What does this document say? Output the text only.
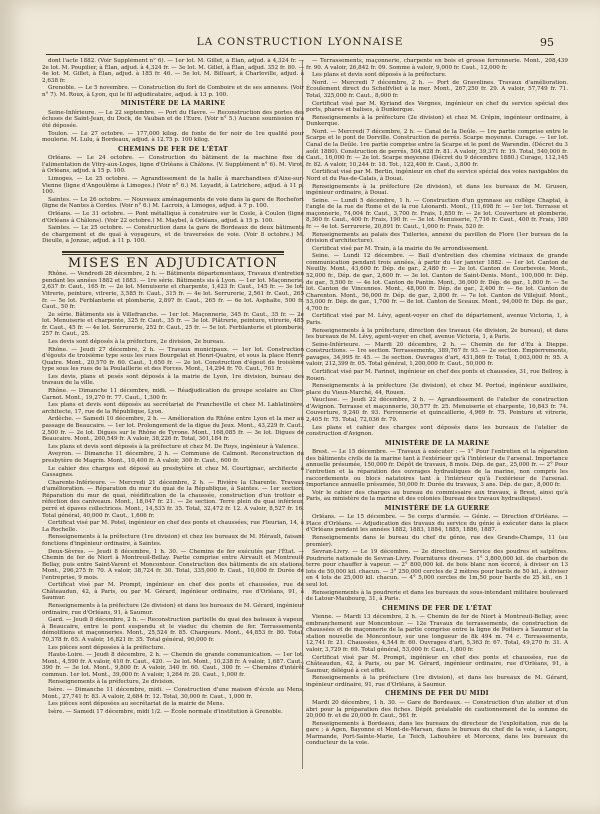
LA CONSTRUCTION LYONNAISE	95

dont l'acte 1882. (Voir Supplément n° 6). — 1er lot. M. Gillet, à Élan, adjud. à 4,324 fr. — 2e lot. M. Poupilier, à Élan, adjud. à 4,324 fr. — 3e lot. M. Gillet, à Élan, adjud. 352 fr. 80. — 4e lot. M. Gillet, à Élan, adjud. à 185 fr. 46. — 5e lot. M. Billuart, à Charleville, adjud. à 2,638 fr.

Grenoble. — Le 5 novembre. — Construction du fort de Comboire et de ses annexes. (Voir n° 7). M. Roux, à Lyon, qui le fil adjudicataire, adjud. à 13 p. 100.

MINISTÈRE DE LA MARINE

Seine-Inférieure. — Le 22 septembre. — Port du Havre. — Reconstruction des portes des écluses de Saint-Jean, du Dock, de Vauban et de l'Eure. (Voir n° 5.) Aucune soumission n'a été déposée.

Toulon. — Le 27 octobre. — 177,000 kilog. de fonte de fer noir de 1re qualité pour moulerie. M. Lulu, à Bordeaux, adjud. à 12.75 p. 100 kilog.

CHEMINS DE FER DE L'ÉTAT

Orléans. — Le 24 octobre. — Construction du bâtiment de la machine fixe de l'alimentation de Vitry-aux-Loges, ligne d'Orléans à Châlons. (V. Supplément n° 6). M. Virot, à Orléans, adjud. à 15 p. 100.

Limoges. — Le 25 octobre. — Agrandissement de la halle à marchandises d'Aixe-sur-Vienne (ligne d'Angoulême à Limoges.) (Voir n° 6.) M. Leyadit, à Latrichere, adjud. à 11 p. 100.

Saintes. — Le 26 octobre. — Nouveaux aménagements de voie dans la gare de Rochefort (ligne de Nantes à Cordes. (Voir n° 6.) M. Lacroix, à Limoges, adjud. à 7 p. 100.

Orléans. — Le 31 octobre. — Pont métallique à construire sur le Cosle, à Coulon (ligne d'Orléans à Châlons). (Voir 22 octobre.) M. Maybel, à Orléans, adjud. à 15 p. 100.

Saintes. — Le 25 octobre. — Construction dans la gare de Bordeaux de deux bâtiments de chargement et de quai à voyageurs, et de traversées de voie. (Voir 8 octobre.) M. Dieulle, à Jonzac, adjud. à 11 p. 100.

MISES EN ADJUDICATION

Rhône. — Vendredi 28 décembre, 2 h. — Bâtiments départementaux, Travaux d'entretien pendant les années 1882 et 1883. — 1re série. Bâtiments sis à Lyon. — 1er lot. Maçonnerie, 2,637 fr. Caut., 165 fr. — 2e lot. Menuiserie et charpente, 1,423 fr. Caut., 145 fr. — 3e lot. Vitrerie, peinture, vitrerie, 3,585 fr. Caut., 315 fr. — 4e lot. Serrurerie, 2,561 fr. Caut., 265 fr. — 5e lot. Ferblanterie et plomberie, 2,897 fr. Caut., 265 fr. — 6e lot. Asphalte, 500 fr. Caut., 50 fr.

2e série. Bâtiments sis à Villefranche. — 1er lot. Maçonnerie, 345 fr. Caut., 35 fr. — 2e lot. Menuiserie et charpente, 325 fr. Caut., 35 fr. — 3e lot. Plâtrerie, peinture, vitrerie, 485 fr. Caut., 45 fr. — 4e lot. Serrurerie, 252 fr. Caut., 25 fr. — 5e lot. Ferblanterie et plomberie, 257 fr. Caut., 25.

Les devis sont déposés à la préfecture, 2e division, 2e bureau.

Rhône. — Jeudi 27 décembre, 2 h. — Travaux municipaux. — 1er lot. Construction d'égouts de troisième type sous les rues Bourgelat et Henri-Quatre, et sous la place Henri-Quatre. Mont., 20,570 fr. 60. Caut., 1,650 fr. — 2e lot. Construction d'égout de troisième type sous les rues de la Poulaillerie et des Forces. Mont., 14,294 fr. 70. Caut., 761 fr.

Les devis, plans et pesés sont déposés à la mairie de Lyon, 1re division, bureau des travaux de la ville.

Rhône. — Dimanche 11 décembre, midi. — Réadjudication du groupe scolaire au Clos-Carnot. Mont., 19,270 fr. 77. Caut., 1,300 fr.

Les plans et devis sont déposés au secrétariat de Francheville et chez M. Lablatinière, architecte, 17, rue de la République, Lyon.

Ardèche. — Samedi 10 décembre, 2 h. — Amélioration du Rhône entre Lyon et la mer au passage de Beaucaire. — 1er lot. Prolongement de la digue du Jeux. Mont., 43,229 fr. Caut., 2,500 fr. — 2e lot. Digues sur le Rhône de Tyrone. Mont., 168,085 fr. — 3e lot. Digues de Beaucaire. Mont., 260,549 fr. A valoir, 38,226 fr. Total, 301,184 fr.

Les plans et devis sont déposés à la préfecture et chez M. De Roys, ingénieur à Valence.

Aveyron. — Dimanche 11 décembre, 2 h. — Commune de Calmont. Reconstruction du presbytère de Magrin. Mont., 10,400 fr. A valoir, 300 fr. Caut., 600 fr.

Le cahier des charges est déposé au presbytère et chez M. Courtignac, architecte à Cassagnes.

Charente-Inférieure. — Mercredi 21 décembre, 2 h. — Rivière la Charente. Travaux d'amélioration. — Réparation du mur du quai de la République, à Saintes. — 1er section. Réparation du mur de quai, réédification de la chaussée, construction d'un trottoir et réfection des caniveaux. Mont., 18,047 fr. 21. — 2e section. Terre plein du quai inférieur, perré et épaves collectrices. Mont., 14,533 fr. 35. Total, 32,472 fr. 12. A valoir, 8,527 fr. 16. Total général, 40,000 fr. Caut., 1,606 fr.

Certificat visé par M. Potel, ingénieur en chef des ponts et chaussées, rue Fleurian, 14, à La Rochelle.

Renseignements à la préfecture (1re division) et chez les bureaux de M. Hérault, faisant fonctions d'ingénieur ordinaire, à Saintes.

Deux-Sèvres. — Jeudi 8 décembre, 1 h. 30. — Chemins de fer exécutés par l'État. — Chemin de fer de Niort à Montreuil-Bellay. Partie comprise entre Airvault et Montreuil-Bellay, puis entre Saint-Varent et Moncontour. Construction des bâtiments de six stations. Mont., 296,275 fr. 70. A valoir, 38,724 fr. 30. Total, 335,000 fr. Caut., 10,000 fr. Durée de l'entreprise, 9 mois.

Certificat visé par M. Prompt, ingénieur en chef des ponts et chaussées, rue de Châteaudun, 42, à Paris, ou par M. Gérard, ingénieur ordinaire, rue d'Orléans, 91, à Saumur.

Renseignements à la préfecture (2e division) et dans les bureaux de M. Gérard, ingénieur ordinaire, rue d'Orléans, 91, à Saumur.

Gard. — Jeudi 8 décembre, 2 h. — Reconstruction partielle du quai des bateaux à vapeur, à Beaucaire, entre le pont suspendu et le viaduc du chemin de fer. Terrassements, démolitions et maçonneries. Mont., 25,524 fr. 85. Chargeurs. Mont., 44,853 fr. 80. Total, 70,378 fr. 65. A valoir, 16,821 fr. 35. Total général, 90,000 fr.

Les pièces sont déposées à la préfecture.

Haute-Loire. — Jeudi 8 décembre, 2 h. — Chemin de grande communication. — 1er lot. Mont., 4,590 fr. A valoir, 410 fr. Caut., 420. — 2e lot. Mont., 10,238 fr. A valoir, 1,687. Caut., 390 fr. — 3e lot. Mont., 9,800 fr. A valoir, 340 fr. 60. Caut., 300 fr. — Chemins d'intérêt commun. 1er lot. Mont., 39,000 fr. A valoir, 1,264 fr. 20. Caut., 1,000 fr.

Renseignements à la préfecture, 2e division.

Isère. — Dimanche 11 décembre, midi. — Construction d'une maison d'école au Mens. Mont., 27,741 fr. 83. A valoir, 2,684 fr. 12. Total, 30,000 fr. Caut., 1,000 fr.

Les pièces sont déposées au secrétariat de la mairie de Mens.

Isère. — Samedi 17 décembre, midi 1/2. — École normale d'institution à Grenoble.

— Terrassements, maçonnerie, charpente en bois et grosse ferronnerie. Mont., 208,439 fr. 90. A valoir, 26,842 fr. 09. Somme à valoir, 9,000 fr. Caut., 12,000 fr.

Les plans et devis sont déposés à la préfecture.

Nord. — Mercredi 7 décembre, 2 h. — Port de Gravelines. Travaux d'amélioration. Écoulement direct du Schelfvliet à la mer. Mont., 267,250 fr. 29. A valoir, 57,749 fr. 71. Total, 325,000 fr. Caut., 8,000 fr.

Certificat visé par M. Kyriand des Vergnes, ingénieur en chef du service spécial des ports, phares et balises, à Dunkerque.

Renseignements à la préfecture (2e division) et chez M. Crépin, ingénieur ordinaire, à Dunkerque.

Nord. — Mercredi 7 décembre, 2 h. — Canal de la Deûle. — 1re partie comprise entre le Scarpe et le pont de Dorville. Construction de perrés. Scarpe moyenne. Curage. — 1er lot. Canal de la Deûle. 1re partie comprise entre la Scarpe et le pont de Warendin. (Décret du 3 août 1880). Construction de perrés, 504,628 fr. 81. A valoir, 39,371 fr. 19. Total, 540,000 fr. Caut., 16,000 fr. — 2e lot. Scarpe moyenne (Décret du 9 décembre 1880.) Curage, 112,145 fr. 82. A valoir, 10,244 fr. 18. Tot., 122,400 fr. Caut., 3,800 fr.

Certificat visé par M. Bertin, ingénieur en chef du service spécial des voies navigables du Nord et du Pas-de-Calais, à Douai.

Renseignements à la préfecture (2e division), et dans les bureaux de M. Grusen, ingénieur ordinaire, à Douai.

Seine. — Lundi 5 décembre, 1 h. — Construction d'un gymnase au collège Chaptal, à l'angle de la rue de Rome et de la rue Léonardi. Mont., (11,698 fr. — 1er lot. Terrasse et maçonnerie, 74,004 fr. Caut., 3,700 fr. Frais, 1,850 fr. — 2e lot. Couverture et plomberie, 8,360 fr. Caut., 400 fr. Frais, 190 fr. — 3e lot. Menuiserie, 7,716 fr. Caut., 400 fr. Frais, 180 fr. — 4e lot. Serrurerie, 20,891 fr. Caut., 1,000 fr. Frais, 520 fr.

Renseignements au palais des Tuileries, annexe du pavillon de Flore (1er bureau de la division d'architecture).

Certificat visé par M. Train, à la mairie du 9e arrondissement.

Seine. — Lundi 12 décembre. — Bail d'entretien des chemins vicinaux de grande communication pendant trois années, à partir du 1er janvier 1882. — 1er lot. Canton de Neuilly. Mont., 43,600 fr. Dép. de gar., 2,480 fr. — 2e lot. Canton de Courbevoie. Mont., 52,000 fr., Dép. de gar., 2,600 fr. — 3e lot. Canton de Saint-Denis. Mont., 100,000 fr. Dép. de gar., 5,500 fr. — 4e lot. Canton de Pantin. Mont., 36,000 fr. Dép. de gar., 1,800 fr. — 5e lot. Canton de Vincennes. Mont., 48,000 fr. Dép. de gar., 2,400 fr. — 6e lot. Canton de Charenton. Mont., 56,000 fr. Dép. de gar., 2,800 fr. — 7e lot. Canton de Villejuif. Mont., 53,000 fr. Dép. de gar., 1,700 fr. — 8e lot. Canton de Sceaux. Mont., 94,000 fr. Dép. de gar., 4,700 fr.

Certificat visé par M. Lévy, agent-voyer en chef du département, avenue Victoria, 1, à Paris.

Renseignements à la préfecture, direction des travaux (4e division, 2e bureau), et dans les bureaux de M. Lévy, agent-voyer en chef, avenue Victoria, 1, à Paris.

Seine-Inférieure. — Mardi 20 décembre, 2 h. — Chemin de fer d'Eu à Dieppe. Constructions. — 1re section. Terrassements, 389,767 fr. 93. — 2e section. Empierrements, pavages, 34,995 fr. 45. — 3e section. Ouvrages d'art, 431,869 fr. Total, 1,003,000 fr. 95. A valoir, 212,399 fr. 05. Total général, 1,200,000 fr. Caut., 50,000 fr.

Certificat visé par M. Farinet, ingénieur en chef des ponts et chaussées, 31, rue Bellroy, à Rouen.

Renseignements à la préfecture (3e division), et chez M. Portué, ingénieur auxiliaire, place du Vieux-Marché, 44, Rouen.

Vaucluse. — Jeudi 22 décembre, 2 h. — Agrandissement de l'atelier de construction d'Avignon. Terrasse et maçonnerie, 30,577 fr. 25. Menuiserie et charpente, 16,843 fr. 74. Couverture, 9,240 fr. 93. Ferronnerie et quincaillerie, 4,969 fr. 75. Peinture et vitrerie, 2,405 fr. 75. Total, 72,036 fr. 79.

Les plans et cahier des charges sont déposés dans les bureaux de l'atelier de construction d'Avignon.

MINISTÈRE DE LA MARINE

Brest. — Le 15 décembre. — Travaux à exécuter : — 1° Pour l'entretien et la réparation des bâtiments civils de la marine tant à l'extérieur qu'à l'intérieur de l'arsenal. Importance annuelle présumée, 150,000 fr. Dépôt de travaux, 8 mois. Dép. de gar., 25,000 fr. — 2° Pour l'entretien et la réparation des ouvrages hydrauliques de la marine, non compris les raccordements ou blocs natatoires tant à l'intérieur qu'à l'extérieur de l'arsenal. Importance annuelle présumée, 50,000 fr. Durée du travaux, 3 ans. Dép. de gar., 8,000 fr.

Voir le cahier des charges au bureau du commissaire aux travaux, à Brest, ainsi qu'à Paris, au ministère de la marine et des colonies (bureau des travaux hydrauliques).

MINISTÈRE DE LA GUERRE

Orléans. — Le 15 décembre. — 5e corps d'armée. — Génie. — Direction d'Orléans. — Place d'Orléans. — Adjudication des travaux du service du génie à exécuter dans la place d'Orléans pendant les années 1882, 1883, 1884, 1885, 1886, 1887.

Renseignements dans le bureau du chef du génie, rue des Grands-Champs, 11 (au premier).

Sevran-Livry. — Le 19 décembre. — 2e direction. — Service des poudres et salpêtres. Poudrerie nationale de Sevran-Livry. Fournitures diverses. 1° 3,800,000 kil. de charbon de terre pour chauffer à vapeur. — 2° 800,000 kil. de bois blanc non écorcé, à diviser en 13 lots de 50,000 kil. chacun. — 3° 250,000 cercles de 2 mètres pour barils de 50 kil., à diviser en 4 lots de 25,000 kil. chacun. — 4° 5,000 cercles de 1m,50 pour barils de 25 kil., en 1 seul lot.

Renseignements à la poudrerie et dans les bureaux du sous-intendant militaire boulevard de Latour-Maubourg, 31, à Paris.

CHEMINS DE FER DE L'ÉTAT

Vienne. — Mardi 13 décembre, 2 h. — Chemin de fer de Niort à Montreuil-Bellay, avec embranchement sur Moncontour. — 12e Travaux de terrassements, de construction de chaussées et de maçonnerie de la partie comprise entre la ligne de Poitiers à Saumur et la station nouvelle de Moncontour, sur une longueur de 8k 494 m. 74 c. Terrassements, 12,741 fr. 21. Chaussées, 4,544 fr. 60. Ouvrages d'art, 5,363 fr. 67. Total, 49,270 fr. 31. A valoir, 3,729 fr. 69. Total général, 53,000 fr. Caut., 1,800 fr.

Certificat visé par M. Prompt, ingénieur en chef des ponts et chaussées, rue de Châteaudun, 42, à Paris, ou par M. Gérard, ingénieur ordinaire, rue d'Orléans, 91, à Saumur, délégué à cet effet.

Renseignements à la préfecture (1re division), et dans les bureaux de M. Gérard, ingénieur ordinaire, 91, rue d'Orléans, à Saumur.

CHEMINS DE FER DU MIDI

Mardi 20 décembre, 1 h. 30. — Gare de Bordeaux. — Construction d'un atelier et d'un abri pour la préparation des fiches. Dépôt préalable de cautionnement de la somme de 20,000 fr. et de 20,000 fr. Caut., 561 fr.

Renseignements à Bordeaux, dans les bureaux du directeur de l'exploitation, rue de la gare ; à Agen, Bayonne et Mont-de-Marsan, dans le bureau du chef de la voie, à Langon, Marmande, Port-Sainte-Marie, Le Teich, Labouhère et Morcenx, dans les bureaux du conducteur de la voie.
